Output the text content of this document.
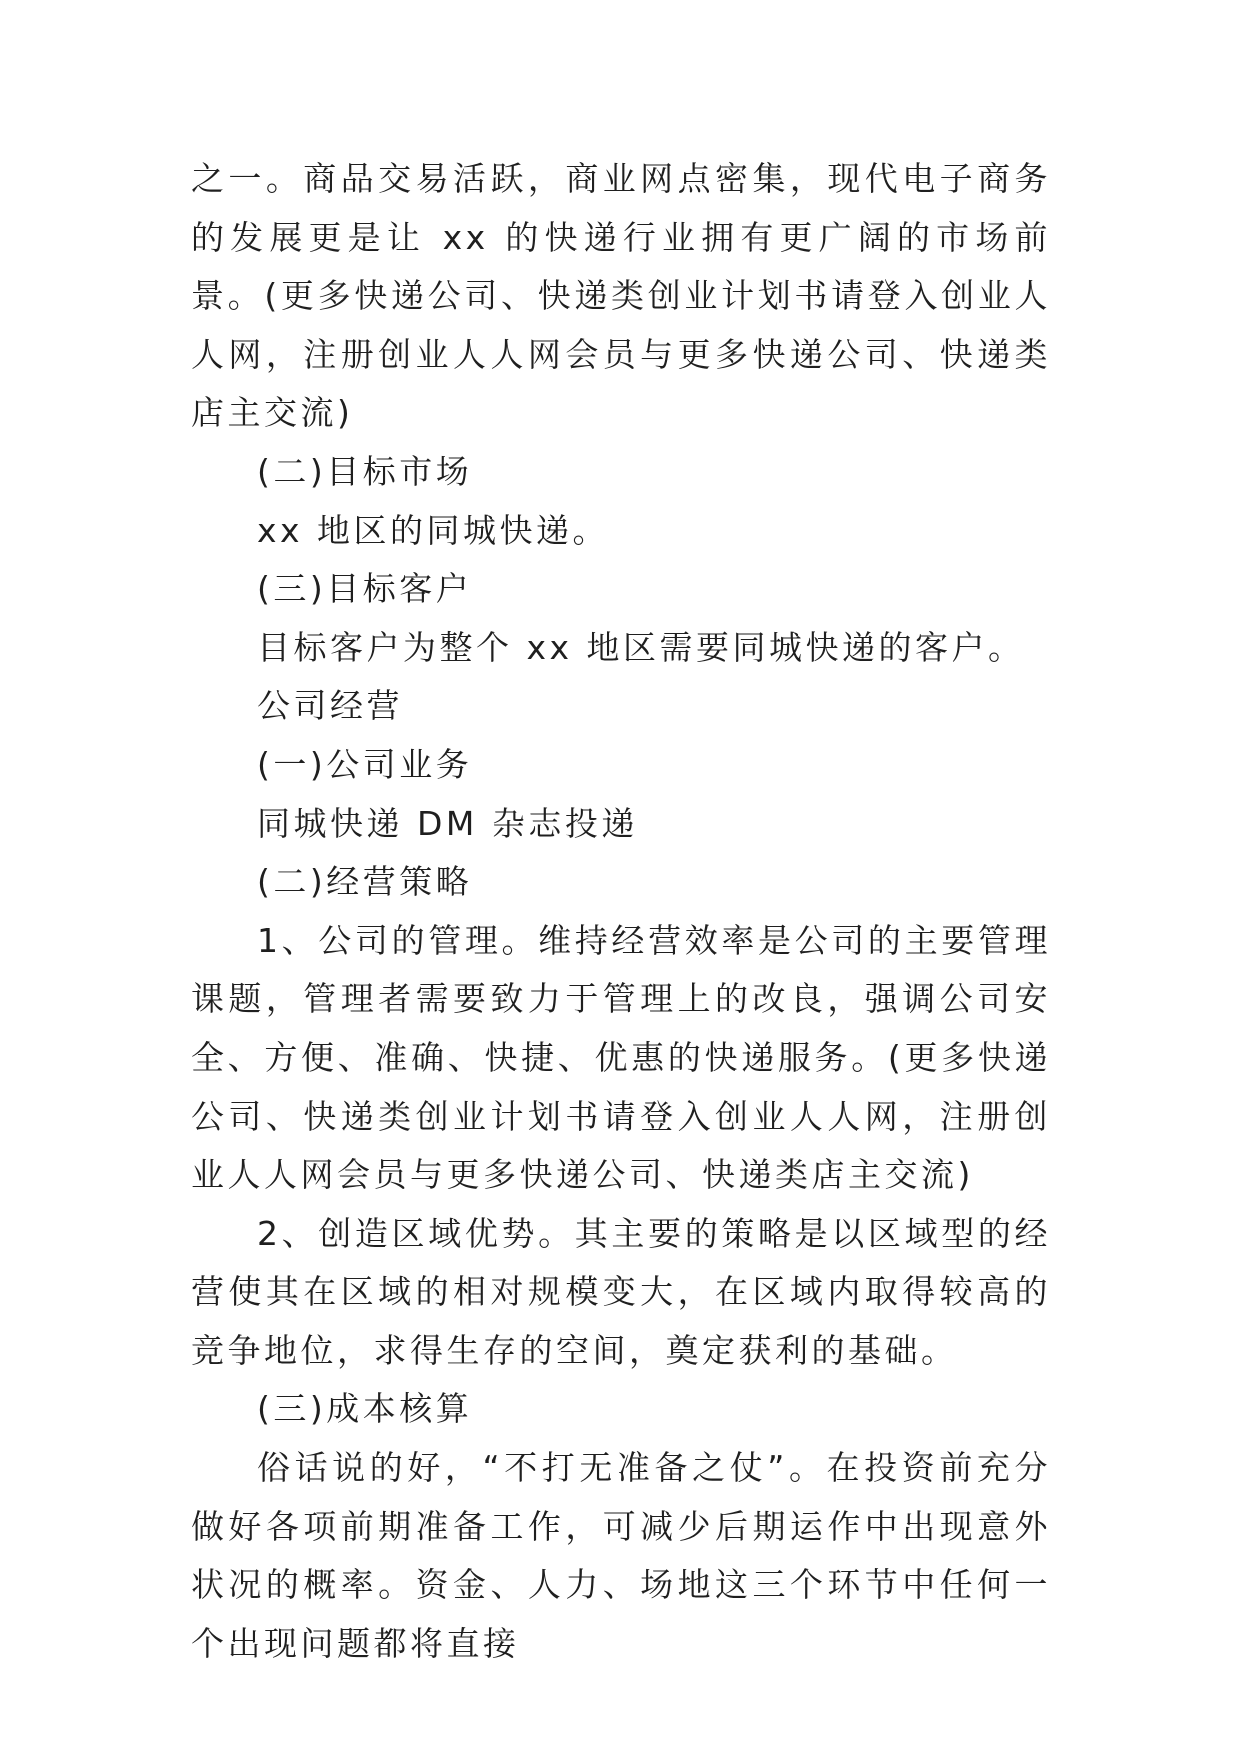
之一。商品交易活跃，商业网点密集，现代电子商务的发展更是让 xx 的快递行业拥有更广阔的市场前景。(更多快递公司、快递类创业计划书请登入创业人人网，注册创业人人网会员与更多快递公司、快递类店主交流)

(二)目标市场

xx 地区的同城快递。

(三)目标客户

目标客户为整个 xx 地区需要同城快递的客户。

公司经营

(一)公司业务

同城快递 DM 杂志投递

(二)经营策略

1、公司的管理。维持经营效率是公司的主要管理课题，管理者需要致力于管理上的改良，强调公司安全、方便、准确、快捷、优惠的快递服务。(更多快递公司、快递类创业计划书请登入创业人人网，注册创业人人网会员与更多快递公司、快递类店主交流)

2、创造区域优势。其主要的策略是以区域型的经营使其在区域的相对规模变大，在区域内取得较高的竞争地位，求得生存的空间，奠定获利的基础。

(三)成本核算

俗话说的好，“不打无准备之仗”。在投资前充分做好各项前期准备工作，可减少后期运作中出现意外状况的概率。资金、人力、场地这三个环节中任何一个出现问题都将直接
